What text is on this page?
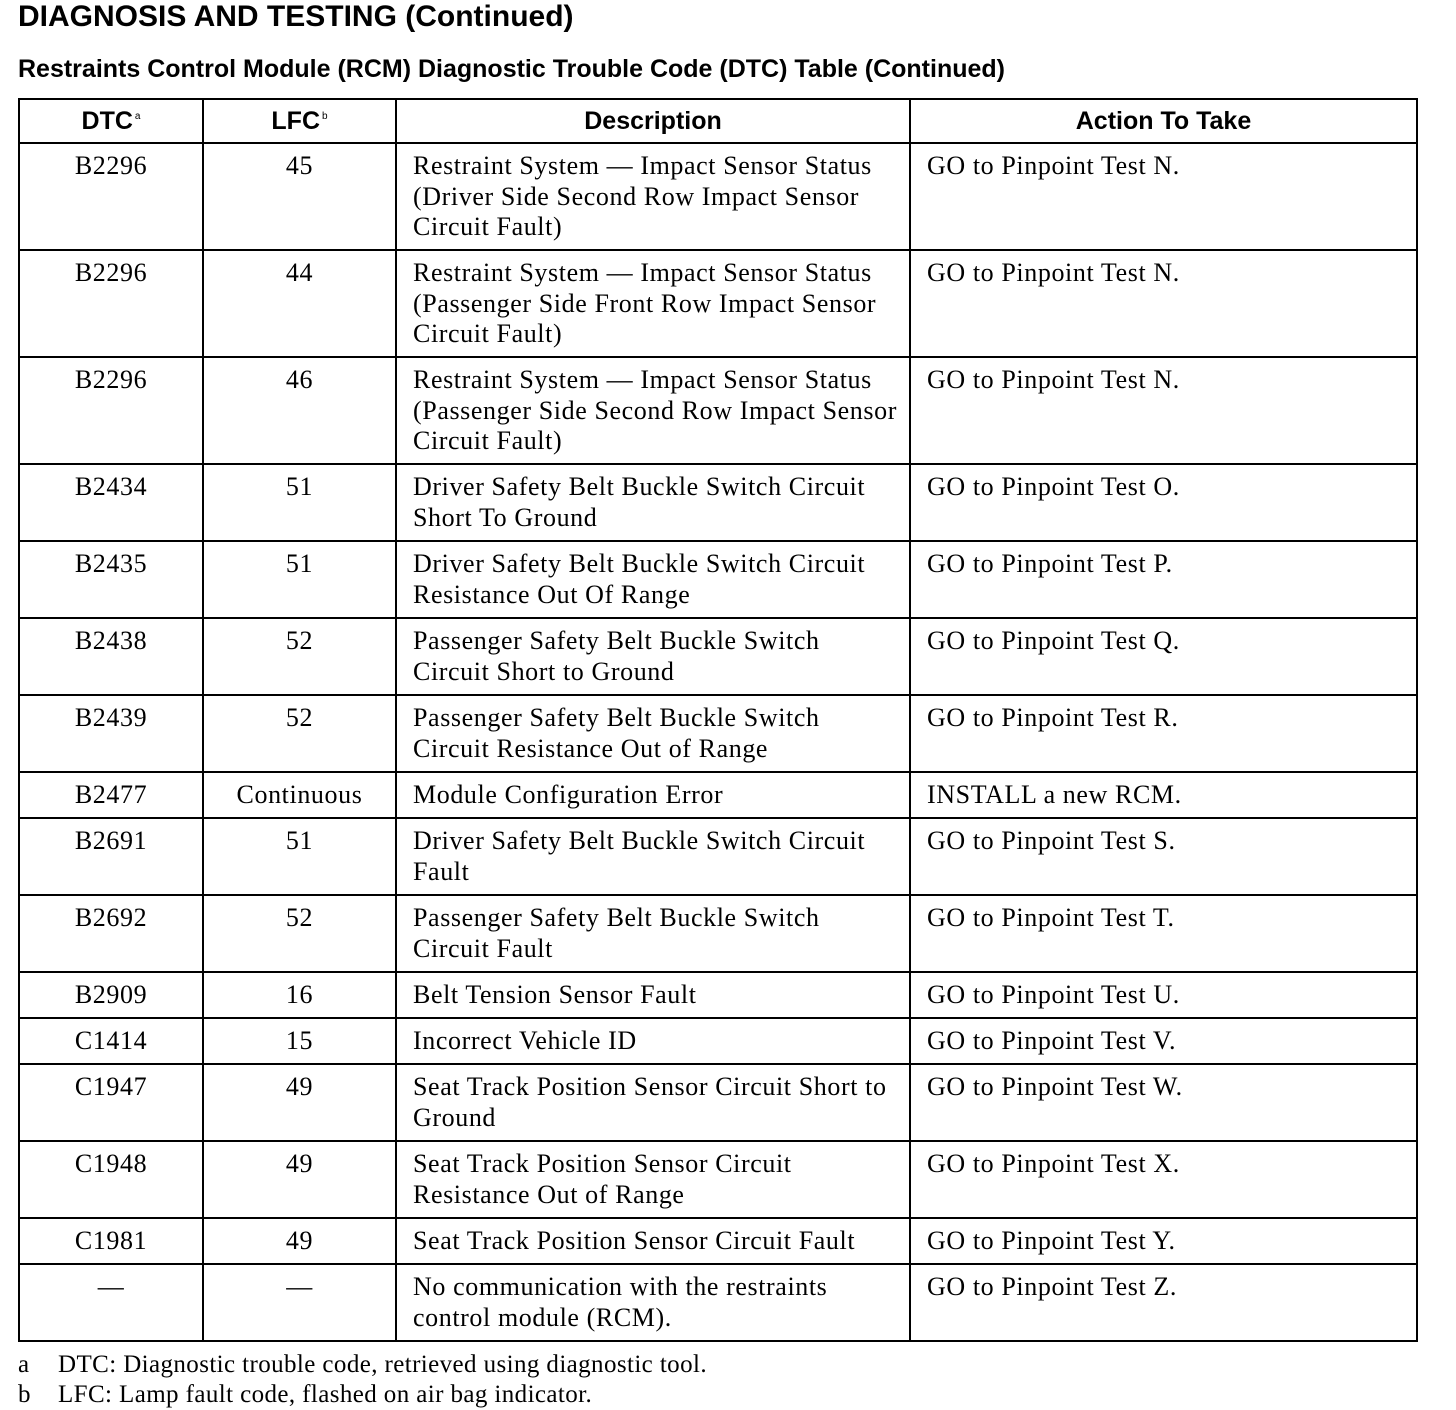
DIAGNOSIS AND TESTING (Continued)
Restraints Control Module (RCM) Diagnostic Trouble Code (DTC) Table (Continued)
DTC $^a$	LFC $^b$	Description	Action To Take
B2296	45	Restraint System — Impact Sensor Status (Driver Side Second Row Impact Sensor Circuit Fault)	GO to Pinpoint Test N.
B2296	44	Restraint System — Impact Sensor Status (Passenger Side Front Row Impact Sensor Circuit Fault)	GO to Pinpoint Test N.
B2296	46	Restraint System — Impact Sensor Status (Passenger Side Second Row Impact Sensor Circuit Fault)	GO to Pinpoint Test N.
B2434	51	Driver Safety Belt Buckle Switch Circuit Short To Ground	GO to Pinpoint Test O.
B2435	51	Driver Safety Belt Buckle Switch Circuit Resistance Out Of Range	GO to Pinpoint Test P.
B2438	52	Passenger Safety Belt Buckle Switch Circuit Short to Ground	GO to Pinpoint Test Q.
B2439	52	Passenger Safety Belt Buckle Switch Circuit Resistance Out of Range	GO to Pinpoint Test R.
B2477	Continuous	Module Configuration Error	INSTALL a new RCM.
B2691	51	Driver Safety Belt Buckle Switch Circuit Fault	GO to Pinpoint Test S.
B2692	52	Passenger Safety Belt Buckle Switch Circuit Fault	GO to Pinpoint Test T.
B2909	16	Belt Tension Sensor Fault	GO to Pinpoint Test U.
C1414	15	Incorrect Vehicle ID	GO to Pinpoint Test V.
C1947	49	Seat Track Position Sensor Circuit Short to Ground	GO to Pinpoint Test W.
C1948	49	Seat Track Position Sensor Circuit Resistance Out of Range	GO to Pinpoint Test X.
C1981	49	Seat Track Position Sensor Circuit Fault	GO to Pinpoint Test Y.
—	—	No communication with the restraints control module (RCM).	GO to Pinpoint Test Z.
a	DTC: Diagnostic trouble code, retrieved using diagnostic tool.
b	LFC: Lamp fault code, flashed on air bag indicator.
